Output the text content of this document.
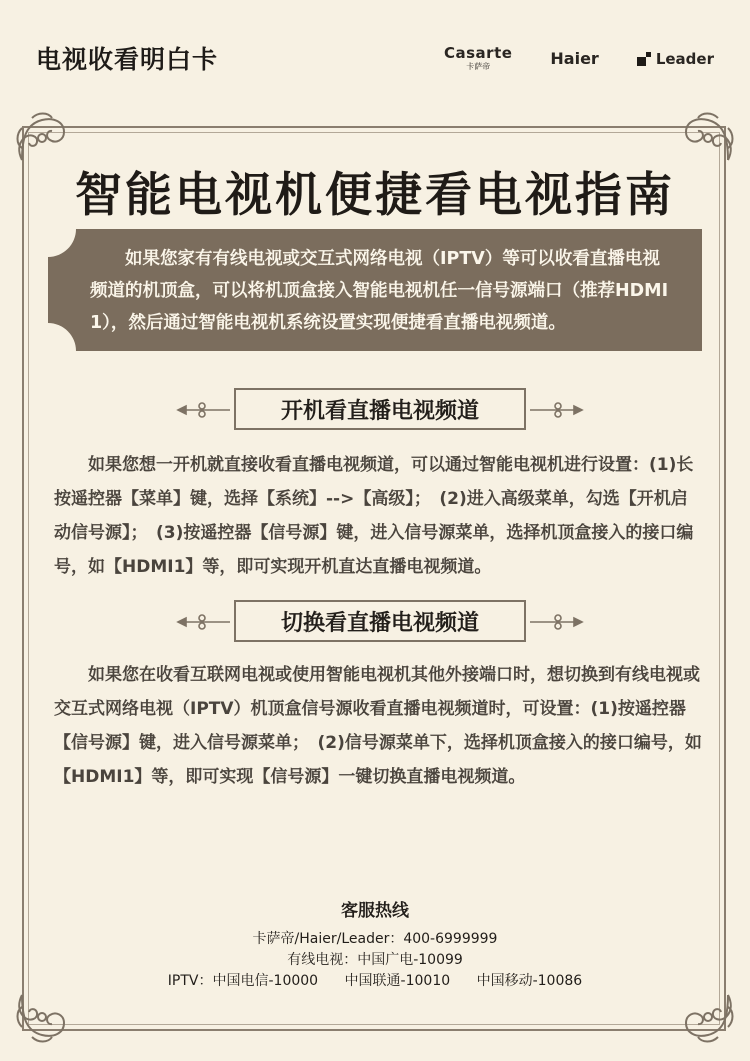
电视收看明白卡	Casarte
卡萨帝	Haier	Leader
智能电视机便捷看电视指南
如果您家有有线电视或交互式网络电视（IPTV）等可以收看直播电视频道的机顶盒，可以将机顶盒接入智能电视机任一信号源端口（推荐HDMI 1），然后通过智能电视机系统设置实现便捷看直播电视频道。
开机看直播电视频道
如果您想一开机就直接收看直播电视频道，可以通过智能电视机进行设置：(1)长按遥控器【菜单】键，选择【系统】-->【高级】；　(2)进入高级菜单，勾选【开机启动信号源】；　(3)按遥控器【信号源】键，进入信号源菜单，选择机顶盒接入的接口编号，如【HDMI1】等，即可实现开机直达直播电视频道。
切换看直播电视频道
如果您在收看互联网电视或使用智能电视机其他外接端口时，想切换到有线电视或交互式网络电视（IPTV）机顶盒信号源收看直播电视频道时，可设置：(1)按遥控器【信号源】键，进入信号源菜单；　(2)信号源菜单下，选择机顶盒接入的接口编号，如【HDMI1】等，即可实现【信号源】一键切换直播电视频道。
客服热线
卡萨帝/Haier/Leader：400-6999999
有线电视：中国广电-10099
IPTV：中国电信-10000 中国联通-10010 中国移动-10086
